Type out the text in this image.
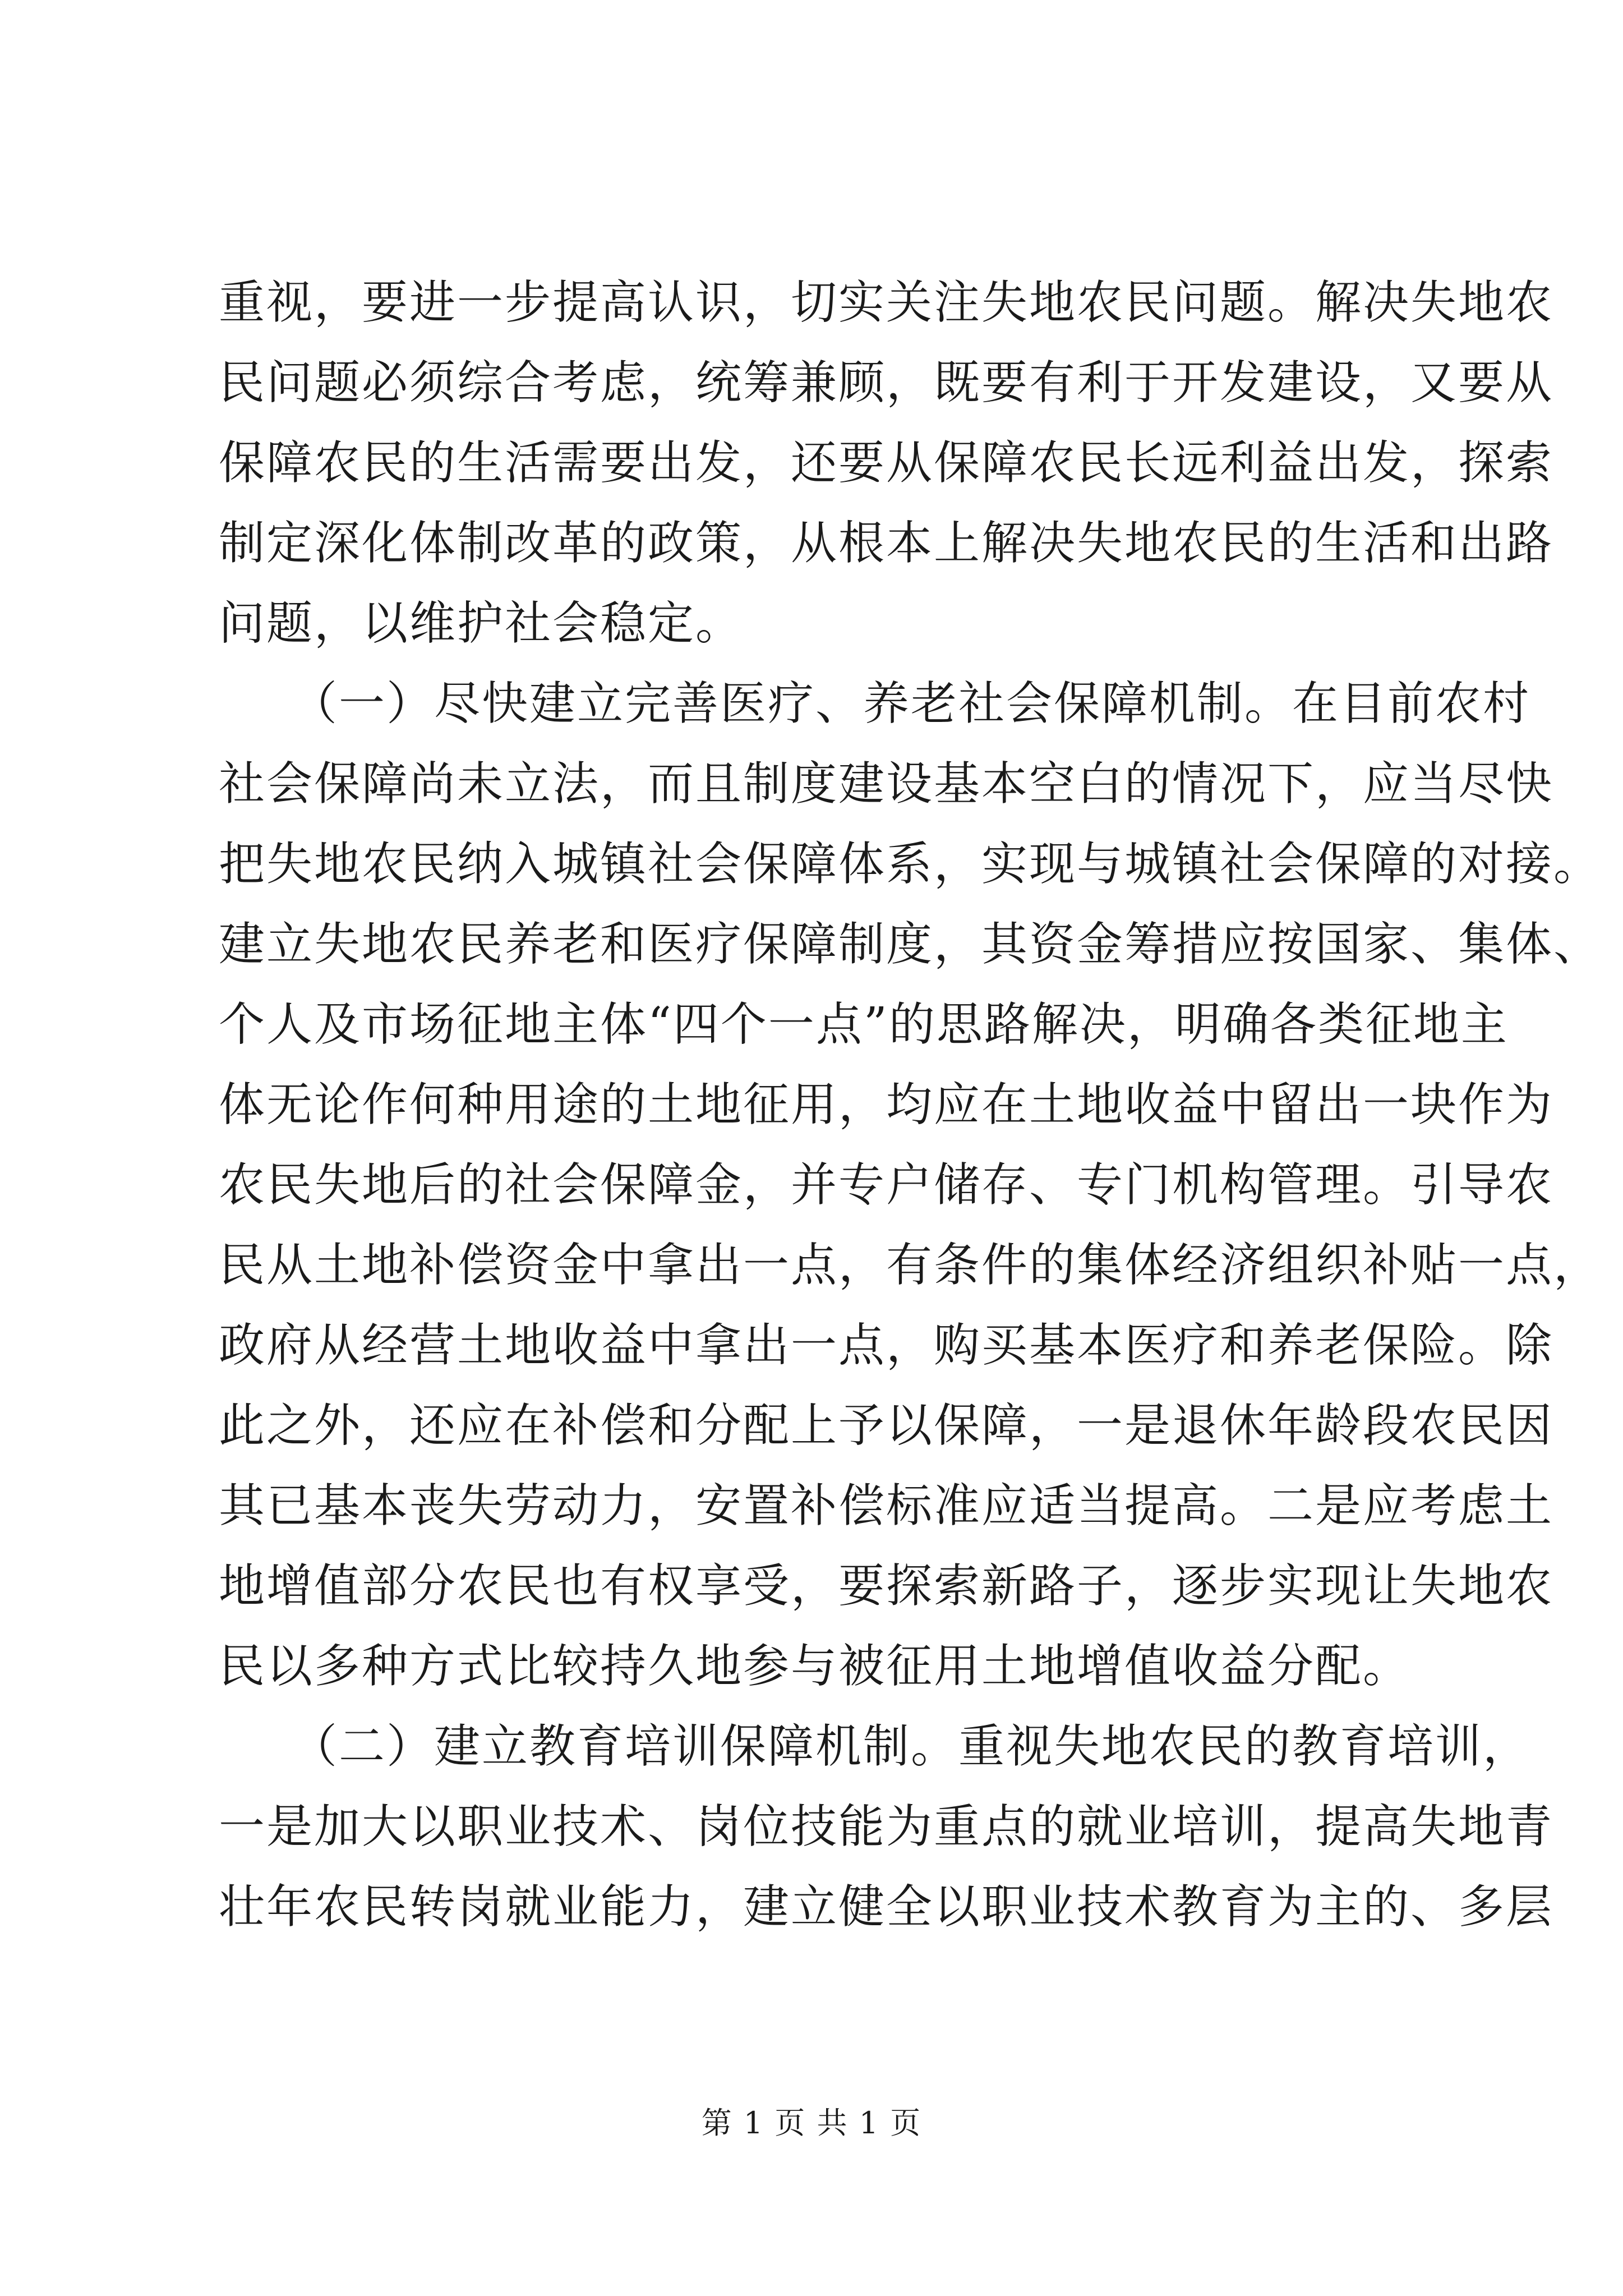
重视，要进一步提高认识，切实关注失地农民问题。解决失地农
民问题必须综合考虑，统筹兼顾，既要有利于开发建设，又要从
保障农民的生活需要出发，还要从保障农民长远利益出发，探索
制定深化体制改革的政策，从根本上解决失地农民的生活和出路
问题，以维护社会稳定。
　　（一）尽快建立完善医疗、养老社会保障机制。在目前农村
社会保障尚未立法，而且制度建设基本空白的情况下，应当尽快
把失地农民纳入城镇社会保障体系，实现与城镇社会保障的对接。
建立失地农民养老和医疗保障制度，其资金筹措应按国家、集体、
个人及市场征地主体“四个一点”的思路解决，明确各类征地主
体无论作何种用途的土地征用，均应在土地收益中留出一块作为
农民失地后的社会保障金，并专户储存、专门机构管理。引导农
民从土地补偿资金中拿出一点，有条件的集体经济组织补贴一点，
政府从经营土地收益中拿出一点，购买基本医疗和养老保险。除
此之外，还应在补偿和分配上予以保障，一是退休年龄段农民因
其已基本丧失劳动力，安置补偿标准应适当提高。二是应考虑土
地增值部分农民也有权享受，要探索新路子，逐步实现让失地农
民以多种方式比较持久地参与被征用土地增值收益分配。
　　（二）建立教育培训保障机制。重视失地农民的教育培训，
一是加大以职业技术、岗位技能为重点的就业培训，提高失地青
壮年农民转岗就业能力，建立健全以职业技术教育为主的、多层
第 1 页 共 1 页
